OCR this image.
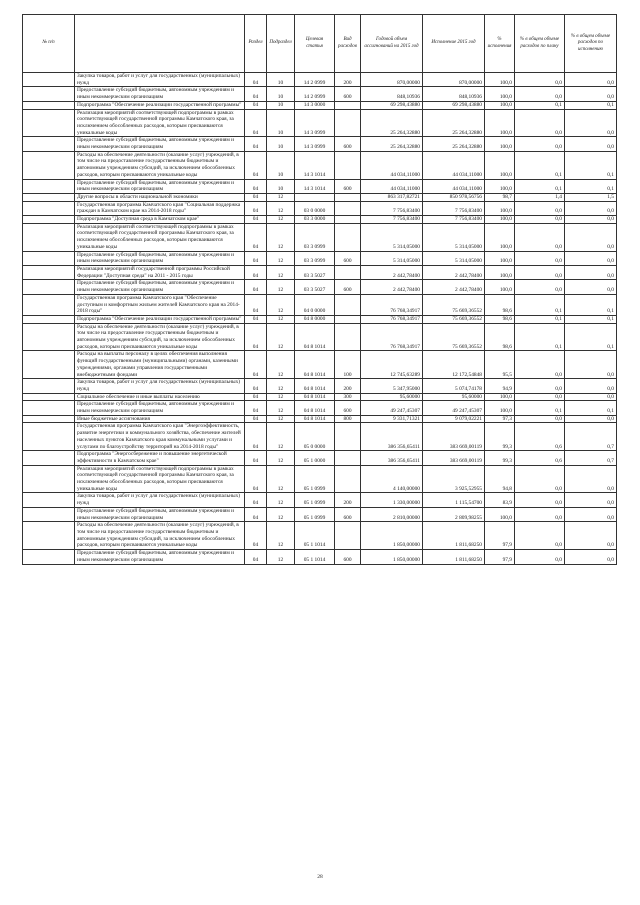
№ п/п		Раздел	Подраздел	Целевая статья	Вид расходов	Годовой объем ассигнований на 2015 год	Исполнение 2015 год	% исполнения	% в общем объеме расходов по плану	% в общем объеме расходов по исполнению
	Закупка товаров, работ и услуг для государственных (муниципальных) нужд	04	10	14 2 0999	200	870,00000	870,00000	100,0	0,0	0,0
	Предоставление субсидий бюджетным, автономным учреждениям и иным некоммерческим организациям	04	10	14 2 0999	600	848,10936	848,10936	100,0	0,0	0,0
	Подпрограмма "Обеспечение реализации государственной программы"	04	10	14 3 0000		69 298,43880	69 298,43880	100,0	0,1	0,1
	Реализация мероприятий соответствующей подпрограммы в рамках соответствующей государственной программы Камчатского края, за исключением обособленных расходов, которым присваиваются уникальные коды	04	10	14 3 0999		25 264,32880	25 264,32880	100,0	0,0	0,0
	Предоставление субсидий бюджетным, автономным учреждениям и иным некоммерческим организациям	04	10	14 3 0999	600	25 264,32880	25 264,32880	100,0	0,0	0,0
	Расходы на обеспечение деятельности (оказание услуг) учреждений, в том числе на предоставление государственным бюджетным и автономным учреждениям субсидий, за исключением обособленных расходов, которым присваиваются уникальные коды	04	10	14 3 1014		44 034,11000	44 034,11000	100,0	0,1	0,1
	Предоставление субсидий бюджетным, автономным учреждениям и иным некоммерческим организациям	04	10	14 3 1014	600	44 034,11000	44 034,11000	100,0	0,1	0,1
	Другие вопросы в области национальной экономики	04	12			863 317,82721	850 978,56756	98,7	1,4	1,5
	Государственная программа Камчатского края "Социальная поддержка граждан в Камчатском крае на 2014-2018 годы"	04	12	03 0 0000		7 756,83400	7 756,83400	100,0	0,0	0,0
	Подпрограмма "Доступная среда в Камчатском крае"	04	12	03 3 0000		7 756,83400	7 756,83400	100,0	0,0	0,0
	Реализация мероприятий соответствующей подпрограммы в рамках соответствующей государственной программы Камчатского края, за исключением обособленных расходов, которым присваиваются уникальные коды	04	12	03 3 0999		5 314,05000	5 314,05000	100,0	0,0	0,0
	Предоставление субсидий бюджетным, автономным учреждениям и иным некоммерческим организациям	04	12	03 3 0999	600	5 314,05000	5 314,05000	100,0	0,0	0,0
	Реализация мероприятий государственной программы Российской Федерации "Доступная среда" на 2011 - 2015 годы	04	12	03 3 5027		2 442,78400	2 442,78400	100,0	0,0	0,0
	Предоставление субсидий бюджетным, автономным учреждениям и иным некоммерческим организациям	04	12	03 3 5027	600	2 442,78400	2 442,78400	100,0	0,0	0,0
	Государственная программа Камчатского края "Обеспечение доступным и комфортным жильем жителей Камчатского края на 2014-2018 годы"	04	12	04 0 0000		76 768,34917	75 669,36552	98,6	0,1	0,1
	Подпрограмма "Обеспечение реализации государственной программы"	04	12	04 8 0000		76 768,34917	75 669,36552	98,6	0,1	0,1
	Расходы на обеспечение деятельности (оказание услуг) учреждений, в том числе на предоставление государственным бюджетным и автономным учреждениям субсидий, за исключением обособленных расходов, которым присваиваются уникальные коды	04	12	04 8 1014		76 768,34917	75 669,36552	98,6	0,1	0,1
	Расходы на выплаты персоналу в целях обеспечения выполнения функций государственными (муниципальными) органами, казенными учреждениями, органами управления государственными внебюджетными фондами	04	12	04 8 1014	100	12 745,63289	12 172,54848	95,5	0,0	0,0
	Закупка товаров, работ и услуг для государственных (муниципальных) нужд	04	12	04 8 1014	200	5 347,95000	5 074,74178	94,9	0,0	0,0
	Социальное обеспечение и иные выплаты населению	04	12	04 8 1014	300	95,60000	95,60000	100,0	0,0	0,0
	Предоставление субсидий бюджетным, автономным учреждениям и иным некоммерческим организациям	04	12	04 8 1014	600	49 247,45307	49 247,45307	100,0	0,1	0,1
	Иные бюджетные ассигнования	04	12	04 8 1014	800	9 331,71321	9 079,02221	97,3	0,0	0,0
	Государственная программа Камчатского края "Энергоэффективность, развитие энергетики и коммунального хозяйства, обеспечение жителей населенных пунктов Камчатского края коммунальными услугами и услугами по благоустройству территорий на 2014-2018 годы"	04	12	05 0 0000		386 356,65411	383 669,00119	99,3	0,6	0,7
	Подпрограмма "Энергосбережение и повышение энергетической эффективности в Камчатском крае"	04	12	05 1 0000		386 356,65411	383 669,00119	99,3	0,6	0,7
	Реализация мероприятий соответствующей подпрограммы в рамках соответствующей государственной программы Камчатского края, за исключением обособленных расходов, которым присваиваются уникальные коды	04	12	05 1 0999		4 140,00000	3 925,52955	94,8	0,0	0,0
	Закупка товаров, работ и услуг для государственных (муниципальных) нужд	04	12	05 1 0999	200	1 330,00000	1 115,54700	83,9	0,0	0,0
	Предоставление субсидий бюджетным, автономным учреждениям и иным некоммерческим организациям	04	12	05 1 0999	600	2 810,00000	2 809,98255	100,0	0,0	0,0
	Расходы на обеспечение деятельности (оказание услуг) учреждений, в том числе на предоставление государственным бюджетным и автономным учреждениям субсидий, за исключением обособленных расходов, которым присваиваются уникальные коды	04	12	05 1 1014		1 850,00000	1 811,68250	97,9	0,0	0,0
	Предоставление субсидий бюджетным, автономным учреждениям и иным некоммерческим организациям	04	12	05 1 1014	600	1 850,00000	1 811,68250	97,9	0,0	0,0
28
